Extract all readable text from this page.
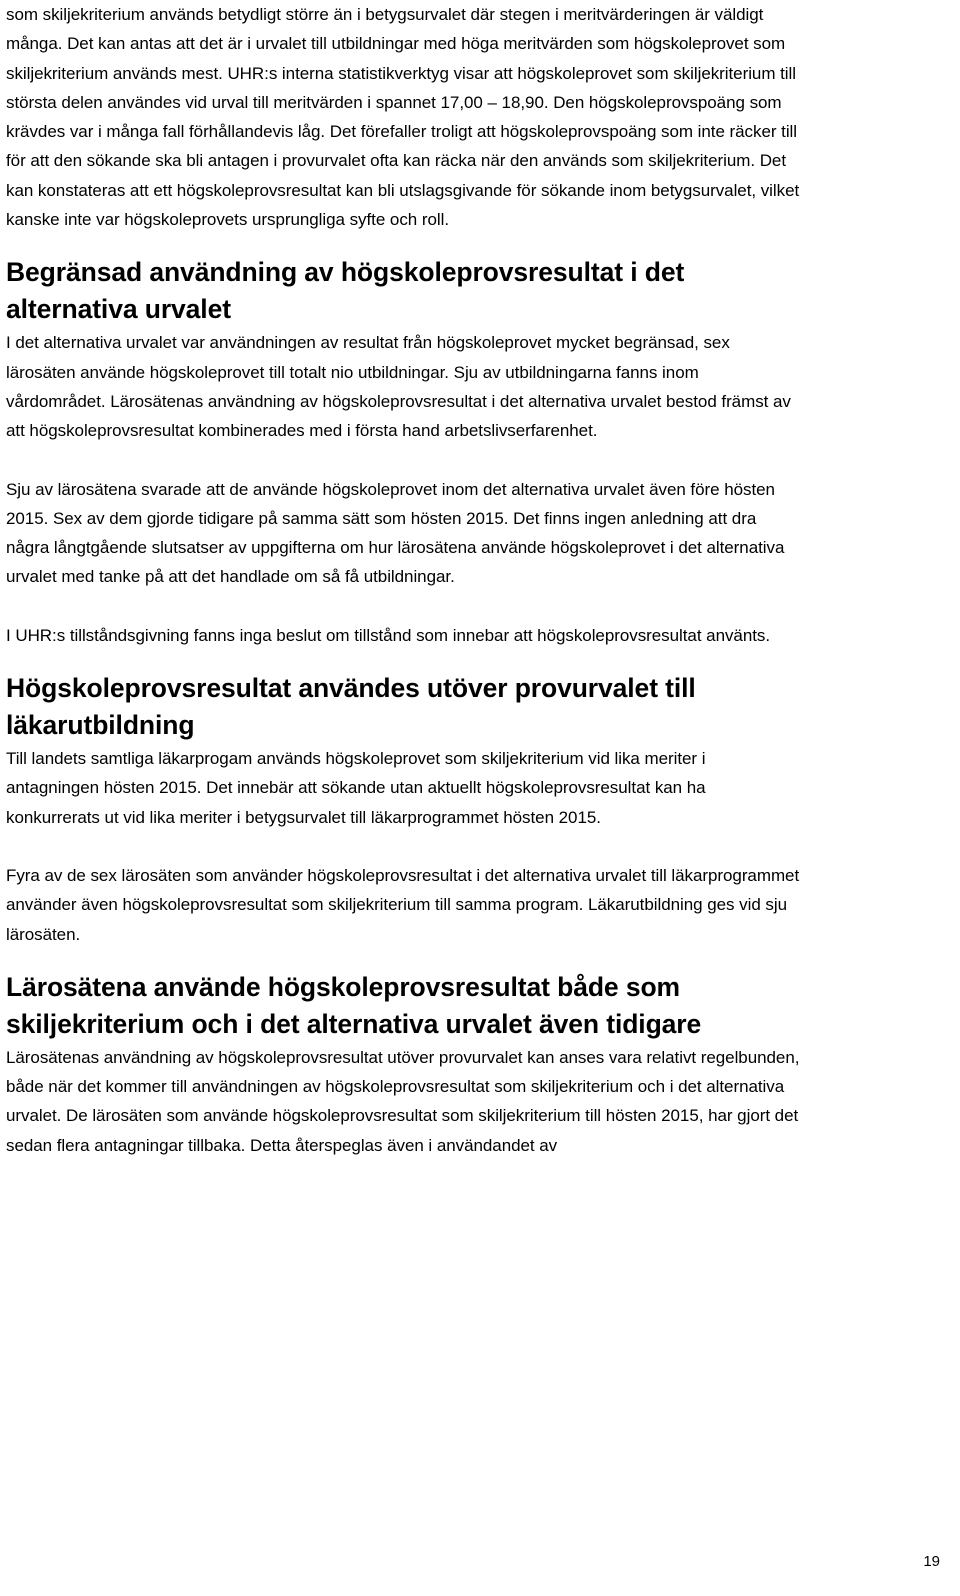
som skiljekriterium används betydligt större än i betygsurvalet där stegen i meritvärderingen är väldigt många. Det kan antas att det är i urvalet till utbildningar med höga meritvärden som högskoleprovet som skiljekriterium används mest. UHR:s interna statistikverktyg visar att högskoleprovet som skiljekriterium till största delen användes vid urval till meritvärden i spannet 17,00 – 18,90. Den högskoleprovspoäng som krävdes var i många fall förhållandevis låg. Det förefaller troligt att högskoleprovspoäng som inte räcker till för att den sökande ska bli antagen i provurvalet ofta kan räcka när den används som skiljekriterium. Det kan konstateras att ett högskoleprovsresultat kan bli utslagsgivande för sökande inom betygsurvalet, vilket kanske inte var högskoleprovets ursprungliga syfte och roll.

Begränsad användning av högskoleprovsresultat i det alternativa urvalet

I det alternativa urvalet var användningen av resultat från högskoleprovet mycket begränsad, sex lärosäten använde högskoleprovet till totalt nio utbildningar. Sju av utbildningarna fanns inom vårdområdet. Lärosätenas användning av högskoleprovsresultat i det alternativa urvalet bestod främst av att högskoleprovsresultat kombinerades med i första hand arbetslivserfarenhet.

Sju av lärosätena svarade att de använde högskoleprovet inom det alternativa urvalet även före hösten 2015. Sex av dem gjorde tidigare på samma sätt som hösten 2015. Det finns ingen anledning att dra några långtgående slutsatser av uppgifterna om hur lärosätena använde högskoleprovet i det alternativa urvalet med tanke på att det handlade om så få utbildningar.

I UHR:s tillståndsgivning fanns inga beslut om tillstånd som innebar att högskoleprovsresultat använts.

Högskoleprovsresultat användes utöver provurvalet till läkarutbildning

Till landets samtliga läkarprogam används högskoleprovet som skiljekriterium vid lika meriter i antagningen hösten 2015. Det innebär att sökande utan aktuellt högskoleprovsresultat kan ha konkurrerats ut vid lika meriter i betygsurvalet till läkarprogrammet hösten 2015.

Fyra av de sex lärosäten som använder högskoleprovsresultat i det alternativa urvalet till läkarprogrammet använder även högskoleprovsresultat som skiljekriterium till samma program. Läkarutbildning ges vid sju lärosäten.

Lärosätena använde högskoleprovsresultat både som skiljekriterium och i det alternativa urvalet även tidigare

Lärosätenas användning av högskoleprovsresultat utöver provurvalet kan anses vara relativt regelbunden, både när det kommer till användningen av högskoleprovsresultat som skiljekriterium och i det alternativa urvalet. De lärosäten som använde högskoleprovsresultat som skiljekriterium till hösten 2015, har gjort det sedan flera antagningar tillbaka. Detta återspeglas även i användandet av

19
